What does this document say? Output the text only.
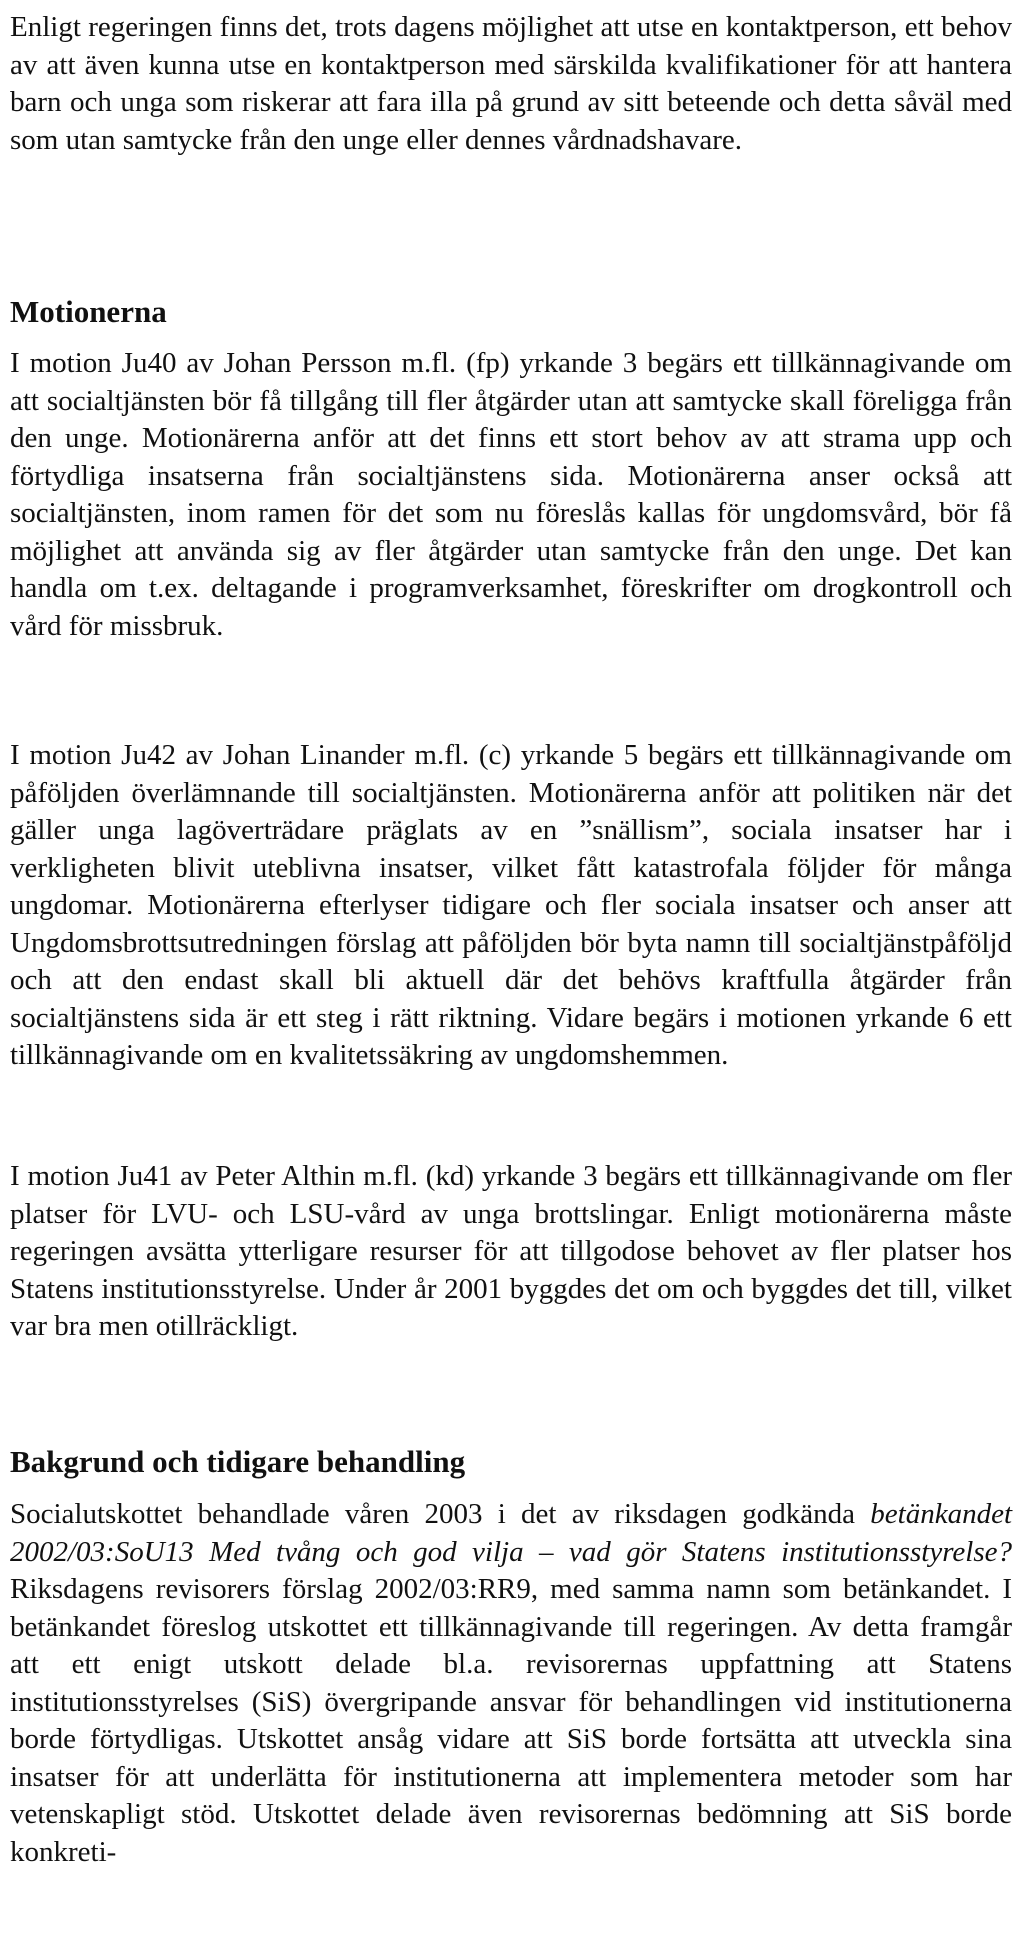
Enligt regeringen finns det, trots dagens möjlighet att utse en kontaktperson, ett behov av att även kunna utse en kontaktperson med särskilda kvalifikationer för att hantera barn och unga som riskerar att fara illa på grund av sitt beteende och detta såväl med som utan samtycke från den unge eller dennes vårdnadshavare.

Motionerna

I motion Ju40 av Johan Persson m.fl. (fp) yrkande 3 begärs ett tillkännagivande om att socialtjänsten bör få tillgång till fler åtgärder utan att samtycke skall föreligga från den unge. Motionärerna anför att det finns ett stort behov av att strama upp och förtydliga insatserna från socialtjänstens sida. Motionärerna anser också att socialtjänsten, inom ramen för det som nu föreslås kallas för ungdomsvård, bör få möjlighet att använda sig av fler åtgärder utan samtycke från den unge. Det kan handla om t.ex. deltagande i programverksamhet, föreskrifter om drogkontroll och vård för missbruk.

I motion Ju42 av Johan Linander m.fl. (c) yrkande 5 begärs ett tillkännagivande om påföljden överlämnande till socialtjänsten. Motionärerna anför att politiken när det gäller unga lagöverträdare präglats av en ”snällism”, sociala insatser har i verkligheten blivit uteblivna insatser, vilket fått katastrofala följder för många ungdomar. Motionärerna efterlyser tidigare och fler sociala insatser och anser att Ungdomsbrottsutredningen förslag att påföljden bör byta namn till socialtjänstpåföljd och att den endast skall bli aktuell där det behövs kraftfulla åtgärder från socialtjänstens sida är ett steg i rätt riktning. Vidare begärs i motionen yrkande 6 ett tillkännagivande om en kvalitetssäkring av ungdomshemmen.

I motion Ju41 av Peter Althin m.fl. (kd) yrkande 3 begärs ett tillkännagivande om fler platser för LVU- och LSU-vård av unga brottslingar. Enligt motionärerna måste regeringen avsätta ytterligare resurser för att tillgodose behovet av fler platser hos Statens institutionsstyrelse. Under år 2001 byggdes det om och byggdes det till, vilket var bra men otillräckligt.

Bakgrund och tidigare behandling

Socialutskottet behandlade våren 2003 i det av riksdagen godkända betänkandet 2002/03:SoU13 Med tvång och god vilja – vad gör Statens institutionsstyrelse? Riksdagens revisorers förslag 2002/03:RR9, med samma namn som betänkandet. I betänkandet föreslog utskottet ett tillkännagivande till regeringen. Av detta framgår att ett enigt utskott delade bl.a. revisorernas uppfattning att Statens institutionsstyrelses (SiS) övergripande ansvar för behandlingen vid institutionerna borde förtydligas. Utskottet ansåg vidare att SiS borde fortsätta att utveckla sina insatser för att underlätta för institutionerna att implementera metoder som har vetenskapligt stöd. Utskottet delade även revisorernas bedömning att SiS borde konkreti-
